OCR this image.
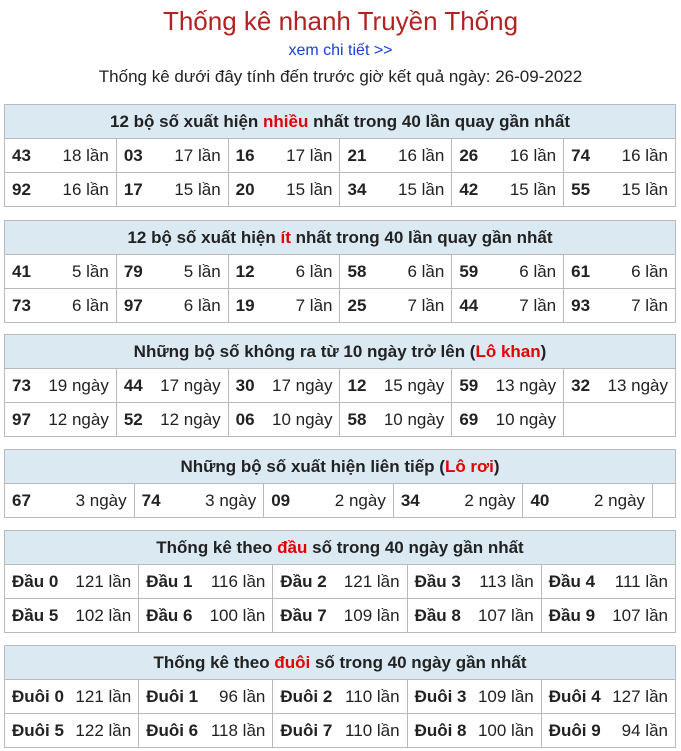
Thống kê nhanh Truyền Thống
xem chi tiết >>
Thống kê dưới đây tính đến trước giờ kết quả ngày: 26-09-2022
12 bộ số xuất hiện nhiều nhất trong 40 lần quay gần nhất					

43 18 lần	03 17 lần	16 17 lần	21 16 lần	26 16 lần	74 16 lần

92 16 lần	17 15 lần	20 15 lần	34 15 lần	42 15 lần	55 15 lần
12 bộ số xuất hiện ít nhất trong 40 lần quay gần nhất					

41 5 lần	79 5 lần	12 6 lần	58 6 lần	59 6 lần	61 6 lần

73 6 lần	97 6 lần	19 7 lần	25 7 lần	44 7 lần	93 7 lần
Những bộ số không ra từ 10 ngày trở lên (Lô khan)					

73 19 ngày	44 17 ngày	30 17 ngày	12 15 ngày	59 13 ngày	32 13 ngày

97 12 ngày	52 12 ngày	06 10 ngày	58 10 ngày	69 10 ngày	

Những bộ số xuất hiện liên tiếp (Lô rơi)

67	3 ngày	74	3 ngày	09	2 ngày	34	2 ngày	40	2 ngày

Thống kê theo đầu số trong 40 ngày gần nhất				

Đầu 0 121 lần	Đầu 1 116 lần	Đầu 2 121 lần	Đầu 3 113 lần	Đầu 4 111 lần

Đầu 5 102 lần	Đầu 6 100 lần	Đầu 7 109 lần	Đầu 8 107 lần	Đầu 9 107 lần
Thống kê theo đuôi số trong 40 ngày gần nhất				

Đuôi 0 121 lần	Đuôi 1 96 lần	Đuôi 2 110 lần	Đuôi 3 109 lần	Đuôi 4 127 lần

Đuôi 5 122 lần	Đuôi 6 118 lần	Đuôi 7 110 lần	Đuôi 8 100 lần	Đuôi 9 94 lần
